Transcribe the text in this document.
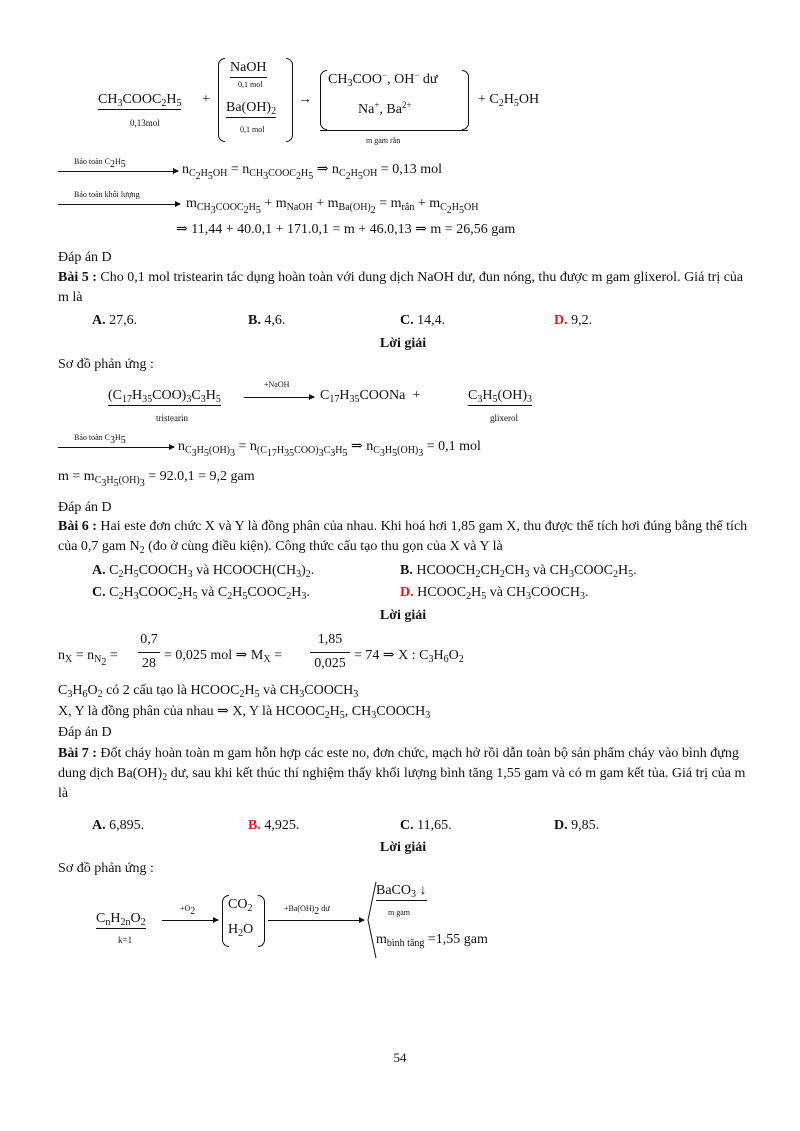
$CH_3COOC_2H_5$
0,13mol
+
NaOH
0,1 mol
$Ba(OH)_2$
0,1 mol
→
$CH_3COO^-$, OH− dư
Na+, $Ba^{2+}$
m gam rắn
+ $C_2H_5OH$
Bảo toàn $C_2H_5$	$n_{C_2H_5OH} = n_{CH_3COOC_2H_5}$ ⇒ $n_{C_2H_5OH} = 0,13$ mol
Bảo toàn khối lượng
$m_{CH_3COOC_2H_5} + m_{NaOH} + m_{Ba(OH)_2} = m_{rắn} + m_{C_2H_5OH}$
⇒ 11,44 + 40.0,1 + 171.0,1 = m + 46.0,13 ⇒ m = 26,56 gam
Đáp án D
Bài 5 : Cho 0,1 mol tristearin tác dụng hoàn toàn với dung dịch NaOH dư, đun nóng, thu được m gam glixerol. Giá trị của m là
A. 27,6.	B. 4,6.	C. 14,4.	D. 9,2.
Lời giải
Sơ đồ phản ứng :
$(C_{17}H_{35}COO)_3C_3H_5$
tristearin
+NaOH
$C_{17}H_{35}COONa$  +	$C_3H_5(OH)_3$
glixerol
Bảo toàn $C_3H_5$	$n_{C_3H_5(OH)_3} = n_{(C_{17}H_{35}COO)_3C_3H_5}$ ⇒ $n_{C_3H_5(OH)_3} = 0,1$ mol
$m = m_{C_3H_5(OH)_3} = 92.0,1 = 9,2$ gam
Đáp án D
Bài 6 : Hai este đơn chức X và Y là đồng phân của nhau. Khi hoá hơi 1,85 gam X, thu được thể tích hơi đúng bằng thể tích của 0,7 gam $N_2$ (đo ở cùng điều kiện). Công thức cấu tạo thu gọn của X và Y là
A. $C_2H_5COOCH_3$ và $HCOOCH(CH_3)_2$.	B. $HCOOCH_2CH_2CH_3$ và $CH_3COOC_2H_5$.
C. $C_2H_3COOC_2H_5$ và $C_2H_5COOC_2H_3$.	D. $HCOOC_2H_5$ và $CH_3COOCH_3$.
Lời giải
$n_X = n_{N_2}$ =
0,7
28
= 0,025 mol ⇒ $M_X$ =
1,85
0,025
= 74 ⇒ X : $C_3H_6O_2$
$C_3H_6O_2$ có 2 cấu tạo là $HCOOC_2H_5$ và $CH_3COOCH_3$
X, Y là đồng phân của nhau ⇒ X, Y là $HCOOC_2H_5$, $CH_3COOCH_3$
Đáp án D
Bài 7 : Đốt cháy hoàn toàn m gam hỗn hợp các este no, đơn chức, mạch hở rồi dẫn toàn bộ sản phẩm cháy vào bình đựng dung dịch $Ba(OH)_2$ dư, sau khi kết thúc thí nghiệm thấy khối lượng bình tăng 1,55 gam và có m gam kết tủa. Giá trị của m là
A. 6,895.	B. 4,925.	C. 11,65.	D. 9,85.
Lời giải
Sơ đồ phản ứng :
$C_nH_{2n}O_2$
k=1
$+O_2$ $CO_2$
$H_2O$
$+Ba(OH)_2$ dư
BaCO$_3$ ↓
m gam
$m_{bình tăng} =1,55$ gam
54
